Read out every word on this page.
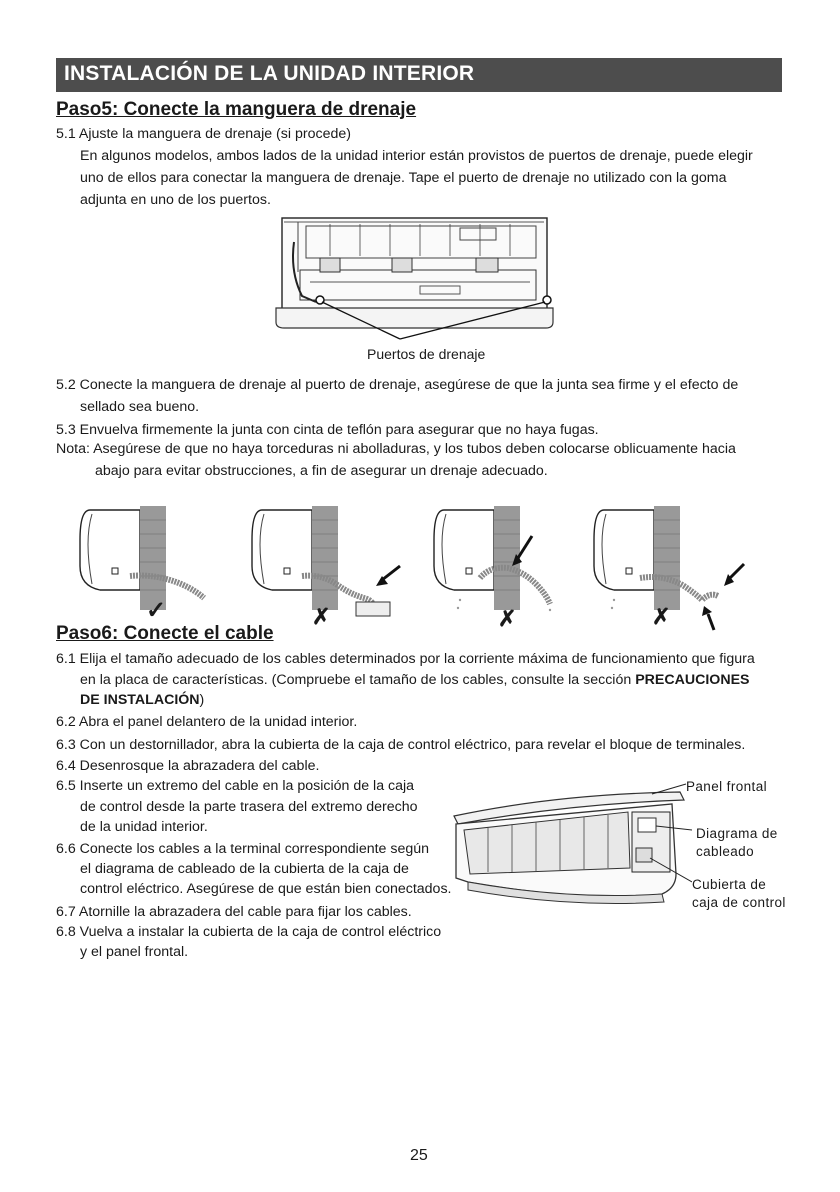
INSTALACIÓN DE LA UNIDAD INTERIOR
Paso5: Conecte la manguera de drenaje
5.1 Ajuste la manguera de drenaje (si procede)
En algunos modelos, ambos lados de la unidad interior están provistos de puertos de drenaje, puede elegir
uno de ellos para conectar la manguera de drenaje. Tape el puerto de drenaje no utilizado con la goma
adjunta en uno de los puertos.
Puertos de drenaje
5.2 Conecte la manguera de drenaje al puerto de drenaje, asegúrese de que la junta sea firme y el efecto de
sellado sea bueno.
5.3 Envuelva firmemente la junta con cinta de teflón para asegurar que no haya fugas.
Nota: Asegúrese de que no haya torceduras ni abolladuras, y los tubos deben colocarse oblicuamente hacia
abajo para evitar obstrucciones, a fin de asegurar un drenaje adecuado.
✓	✗	✗	✗
Paso6: Conecte el cable
6.1 Elija el tamaño adecuado de los cables determinados por la corriente máxima de funcionamiento que figura
en la placa de características. (Compruebe el tamaño de los cables, consulte la sección PRECAUCIONES
DE INSTALACIÓN)
6.2 Abra el panel delantero de la unidad interior.
6.3 Con un destornillador, abra la cubierta de la caja de control eléctrico, para revelar el bloque de terminales.
6.4 Desenrosque la abrazadera del cable.
6.5 Inserte un extremo del cable en la posición de la caja
de control desde la parte trasera del extremo derecho
de la unidad interior.
6.6 Conecte los cables a la terminal correspondiente según
el diagrama de cableado de la cubierta de la caja de
control eléctrico. Asegúrese de que están bien conectados.
6.7 Atornille la abrazadera del cable para fijar los cables.
6.8 Vuelva a instalar la cubierta de la caja de control eléctrico
y el panel frontal.
Panel frontal
Diagrama de
cableado
Cubierta de
caja de control
25
